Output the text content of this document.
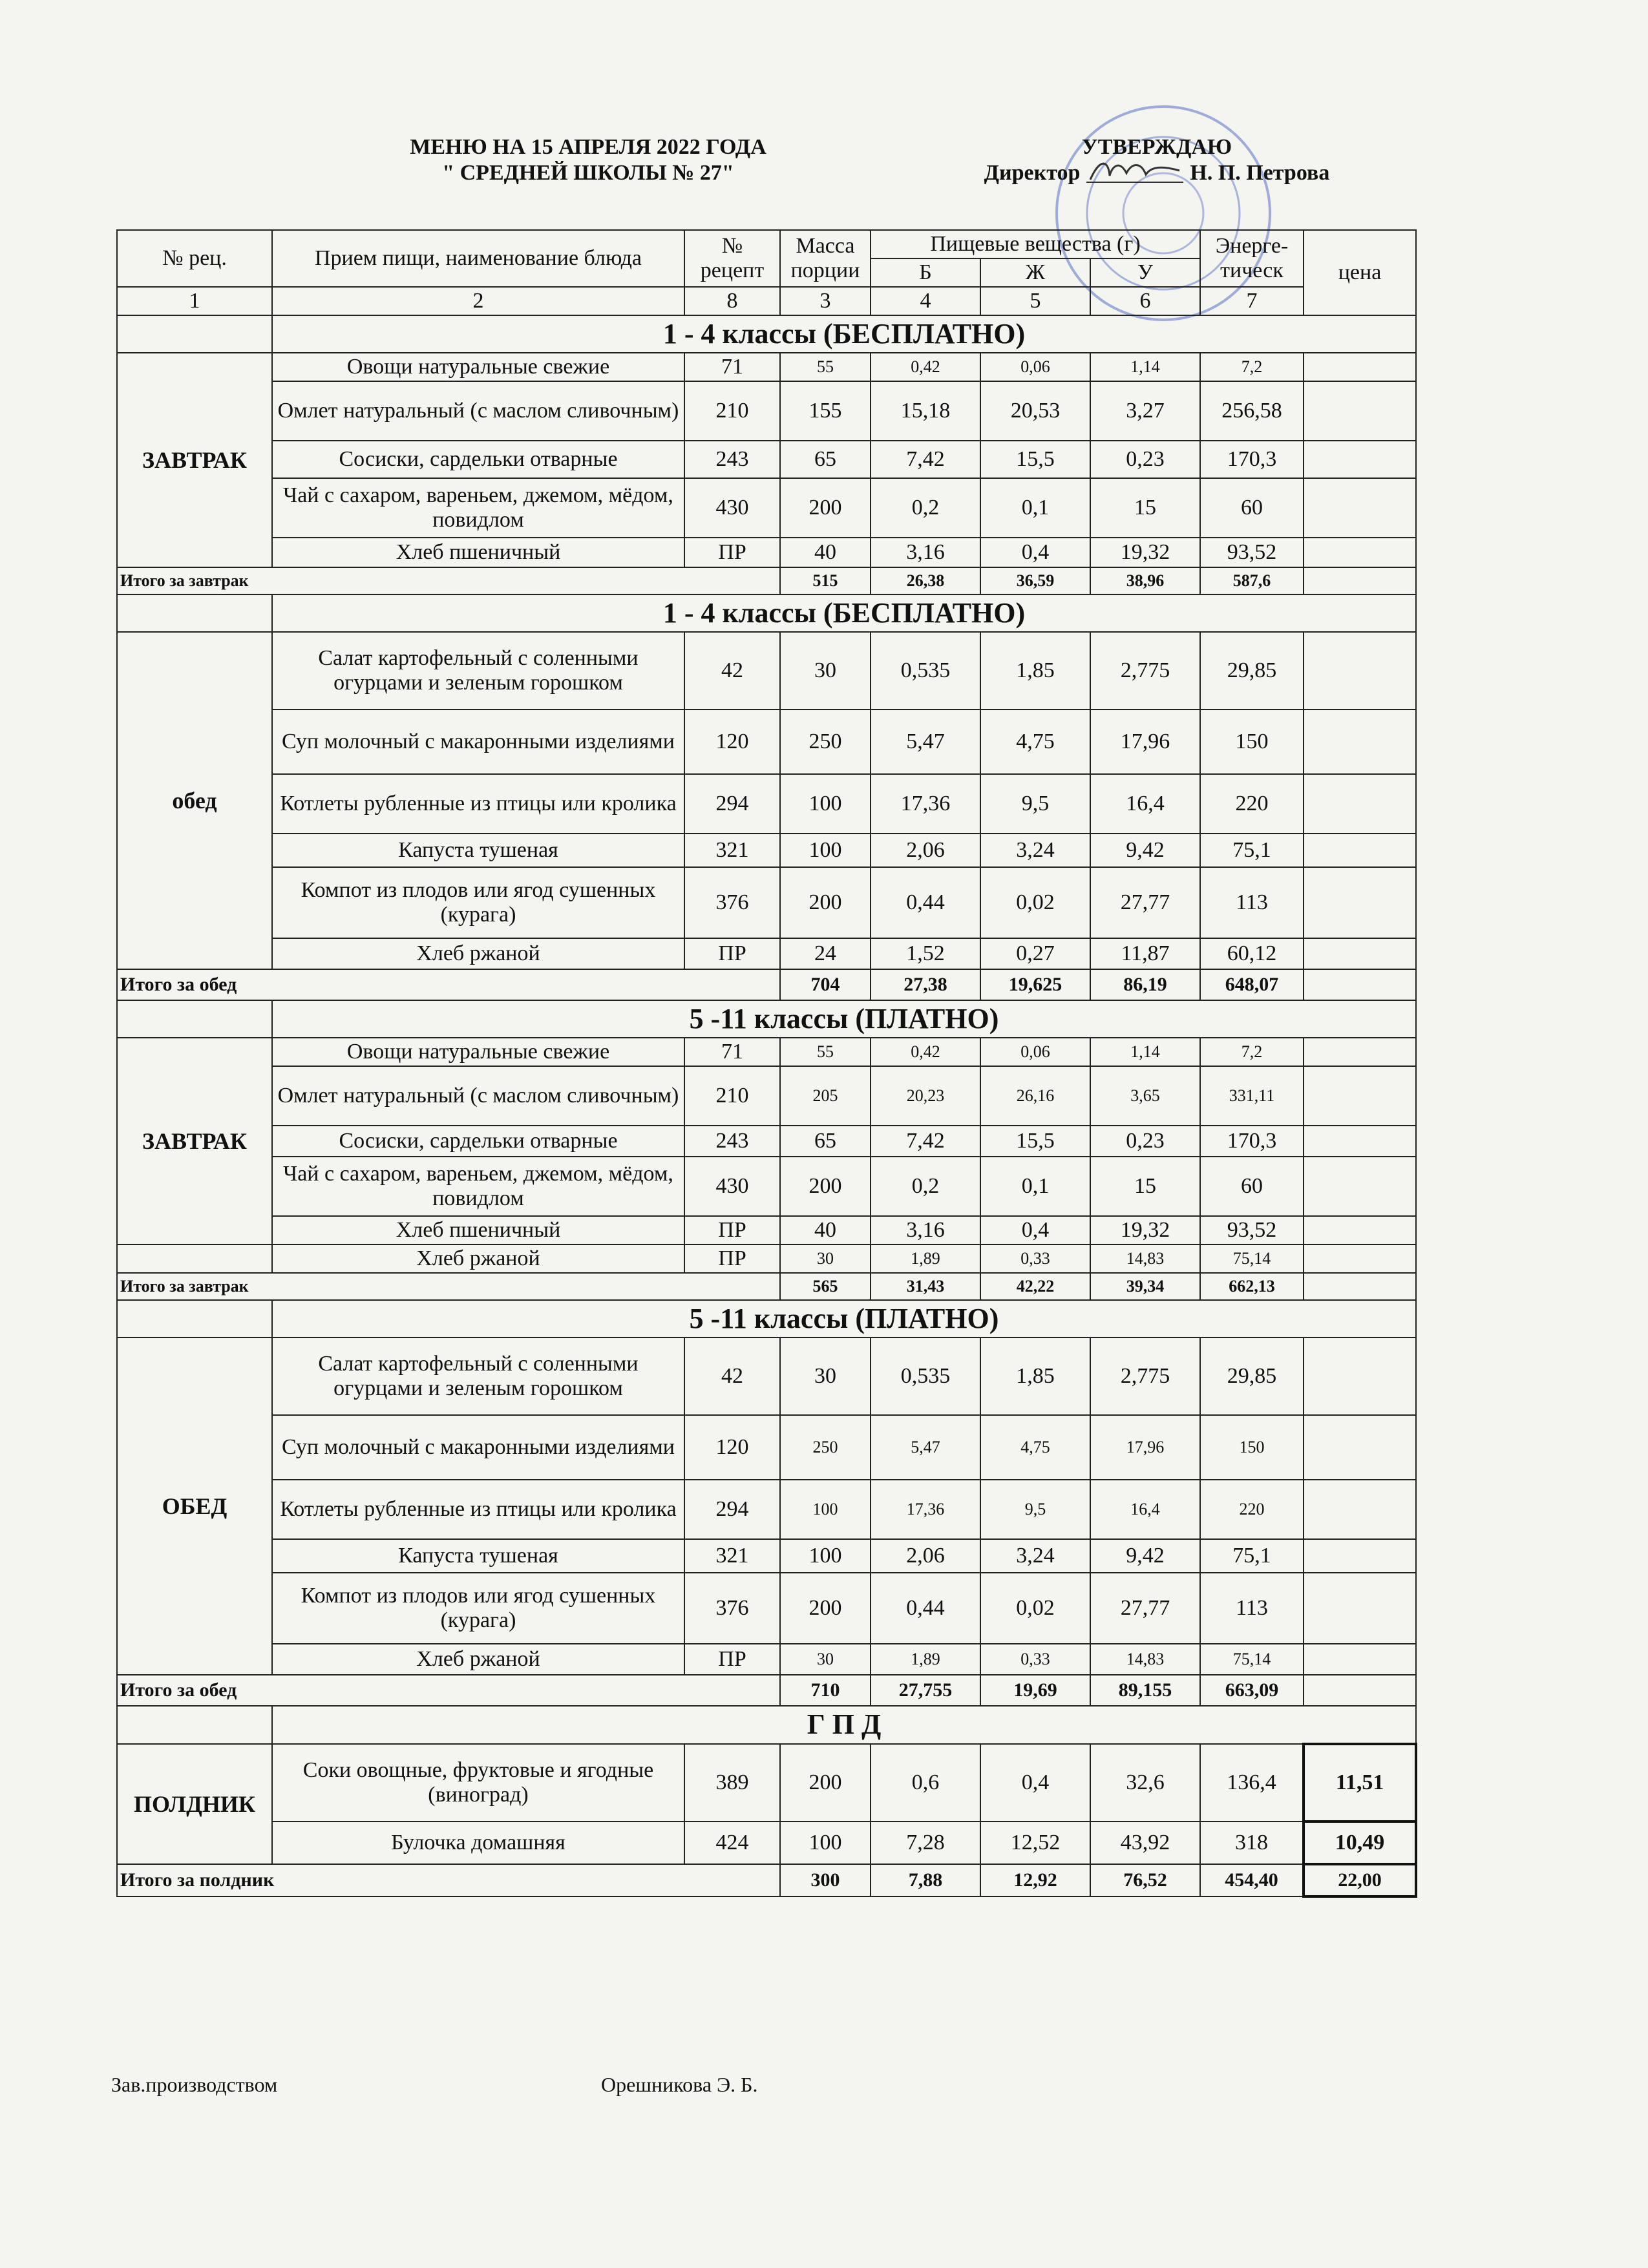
МЕНЮ НА 15 АПРЕЛЯ 2022 ГОДА
" СРЕДНЕЙ ШКОЛЫ № 27"
УТВЕРЖДАЮ
Директор	Н. П. Петрова
№ рец.	Прием пищи, наименование блюда	№ рецепт	Масса порции	Пищевые вещества (г)			Энерге- тическ	цена
				Б	Ж	У		
1	2	8	3	4	5	6	7	
	1 - 4 классы (БЕСПЛАТНО)							
ЗАВТРАК	Овощи натуральные свежие	71	55	0,42	0,06	1,14	7,2	
	Омлет натуральный (с маслом сливочным)	210	155	15,18	20,53	3,27	256,58	
	Сосиски, сардельки отварные	243	65	7,42	15,5	0,23	170,3	
	Чай с сахаром, вареньем, джемом, мёдом, повидлом	430	200	0,2	0,1	15	60	
	Хлеб пшеничный	ПР	40	3,16	0,4	19,32	93,52	
Итого за завтрак			515	26,38	36,59	38,96	587,6	
	1 - 4 классы (БЕСПЛАТНО)							
обед	Салат картофельный с соленными огурцами и зеленым горошком	42	30	0,535	1,85	2,775	29,85	
	Суп молочный с макаронными изделиями	120	250	5,47	4,75	17,96	150	
	Котлеты рубленные из птицы или кролика	294	100	17,36	9,5	16,4	220	
	Капуста тушеная	321	100	2,06	3,24	9,42	75,1	
	Компот из плодов или ягод сушенных (курага)	376	200	0,44	0,02	27,77	113	
	Хлеб ржаной	ПР	24	1,52	0,27	11,87	60,12	
Итого за обед			704	27,38	19,625	86,19	648,07	
	5 -11 классы (ПЛАТНО)							
ЗАВТРАК	Овощи натуральные свежие	71	55	0,42	0,06	1,14	7,2	
	Омлет натуральный (с маслом сливочным)	210	205	20,23	26,16	3,65	331,11	
	Сосиски, сардельки отварные	243	65	7,42	15,5	0,23	170,3	
	Чай с сахаром, вареньем, джемом, мёдом, повидлом	430	200	0,2	0,1	15	60	
	Хлеб пшеничный	ПР	40	3,16	0,4	19,32	93,52	
	Хлеб ржаной	ПР	30	1,89	0,33	14,83	75,14	
Итого за завтрак			565	31,43	42,22	39,34	662,13	
	5 -11 классы (ПЛАТНО)							
ОБЕД	Салат картофельный с соленными огурцами и зеленым горошком	42	30	0,535	1,85	2,775	29,85	
	Суп молочный с макаронными изделиями	120	250	5,47	4,75	17,96	150	
	Котлеты рубленные из птицы или кролика	294	100	17,36	9,5	16,4	220	
	Капуста тушеная	321	100	2,06	3,24	9,42	75,1	
	Компот из плодов или ягод сушенных (курага)	376	200	0,44	0,02	27,77	113	
	Хлеб ржаной	ПР	30	1,89	0,33	14,83	75,14	
Итого за обед			710	27,755	19,69	89,155	663,09	
	Г П Д							
ПОЛДНИК	Соки овощные, фруктовые и ягодные (виноград)	389	200	0,6	0,4	32,6	136,4	11,51
	Булочка домашняя	424	100	7,28	12,52	43,92	318	10,49
Итого за полдник			300	7,88	12,92	76,52	454,40	22,00
Зав.производством	Орешникова Э. Б.
